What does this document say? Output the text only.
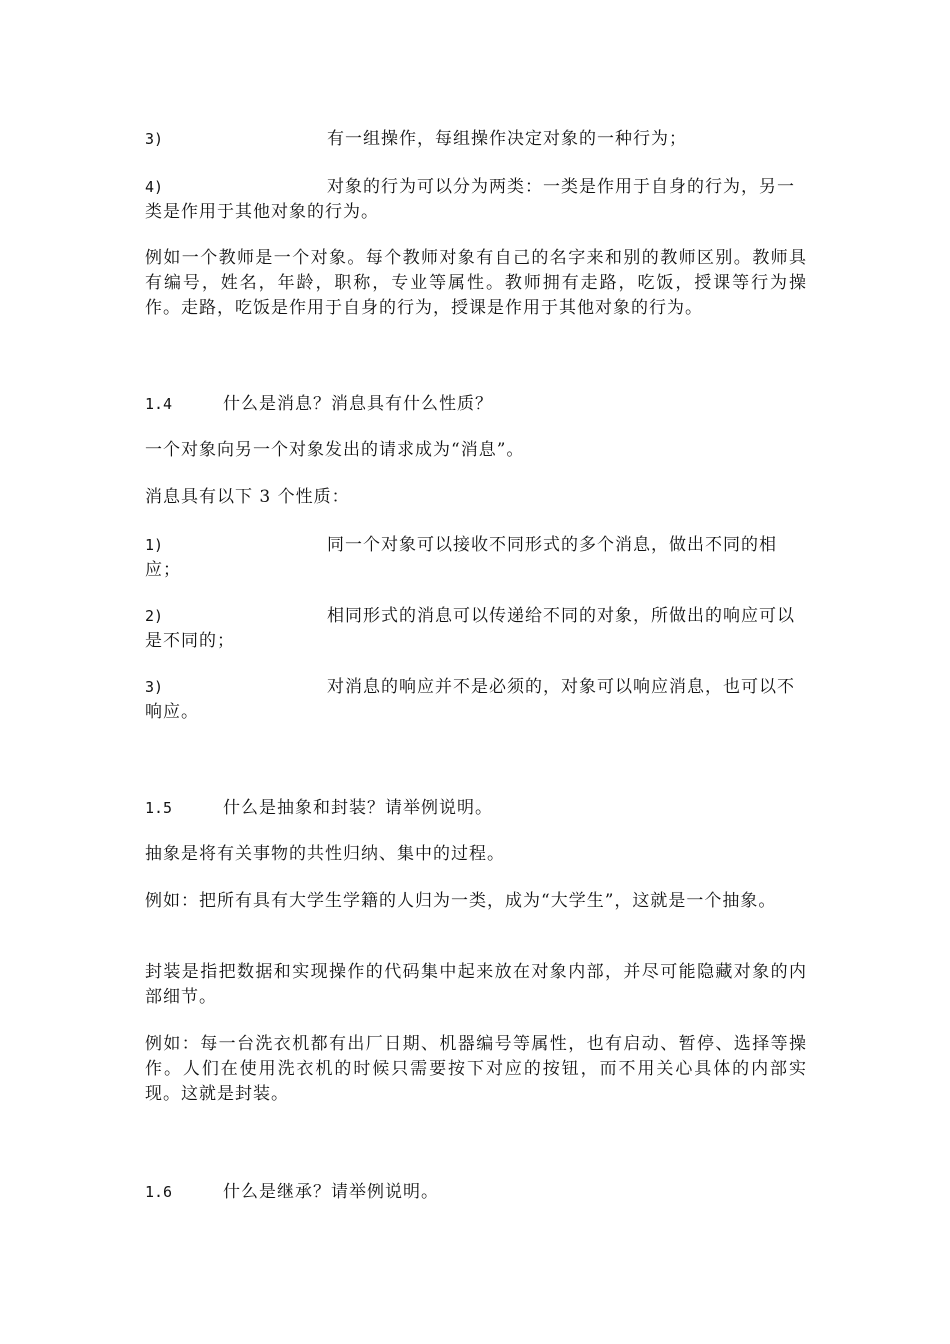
3)	有一组操作，每组操作决定对象的一种行为；
4)	对象的行为可以分为两类：一类是作用于自身的行为，另一类是作用于其他对象的行为。
例如一个教师是一个对象。每个教师对象有自己的名字来和别的教师区别。教师具有编号，姓名，年龄，职称，专业等属性。教师拥有走路，吃饭，授课等行为操作。走路，吃饭是作用于自身的行为，授课是作用于其他对象的行为。
1.4	什么是消息？消息具有什么性质？
一个对象向另一个对象发出的请求成为“消息”。
消息具有以下 3 个性质：
1)	同一个对象可以接收不同形式的多个消息，做出不同的相应；
2)	相同形式的消息可以传递给不同的对象，所做出的响应可以是不同的；
3)	对消息的响应并不是必须的，对象可以响应消息，也可以不响应。
1.5	什么是抽象和封装？请举例说明。
抽象是将有关事物的共性归纳、集中的过程。
例如：把所有具有大学生学籍的人归为一类，成为“大学生”，这就是一个抽象。
封装是指把数据和实现操作的代码集中起来放在对象内部，并尽可能隐藏对象的内部细节。
例如：每一台洗衣机都有出厂日期、机器编号等属性，也有启动、暂停、选择等操作。人们在使用洗衣机的时候只需要按下对应的按钮，而不用关心具体的内部实现。这就是封装。
1.6	什么是继承？请举例说明。
